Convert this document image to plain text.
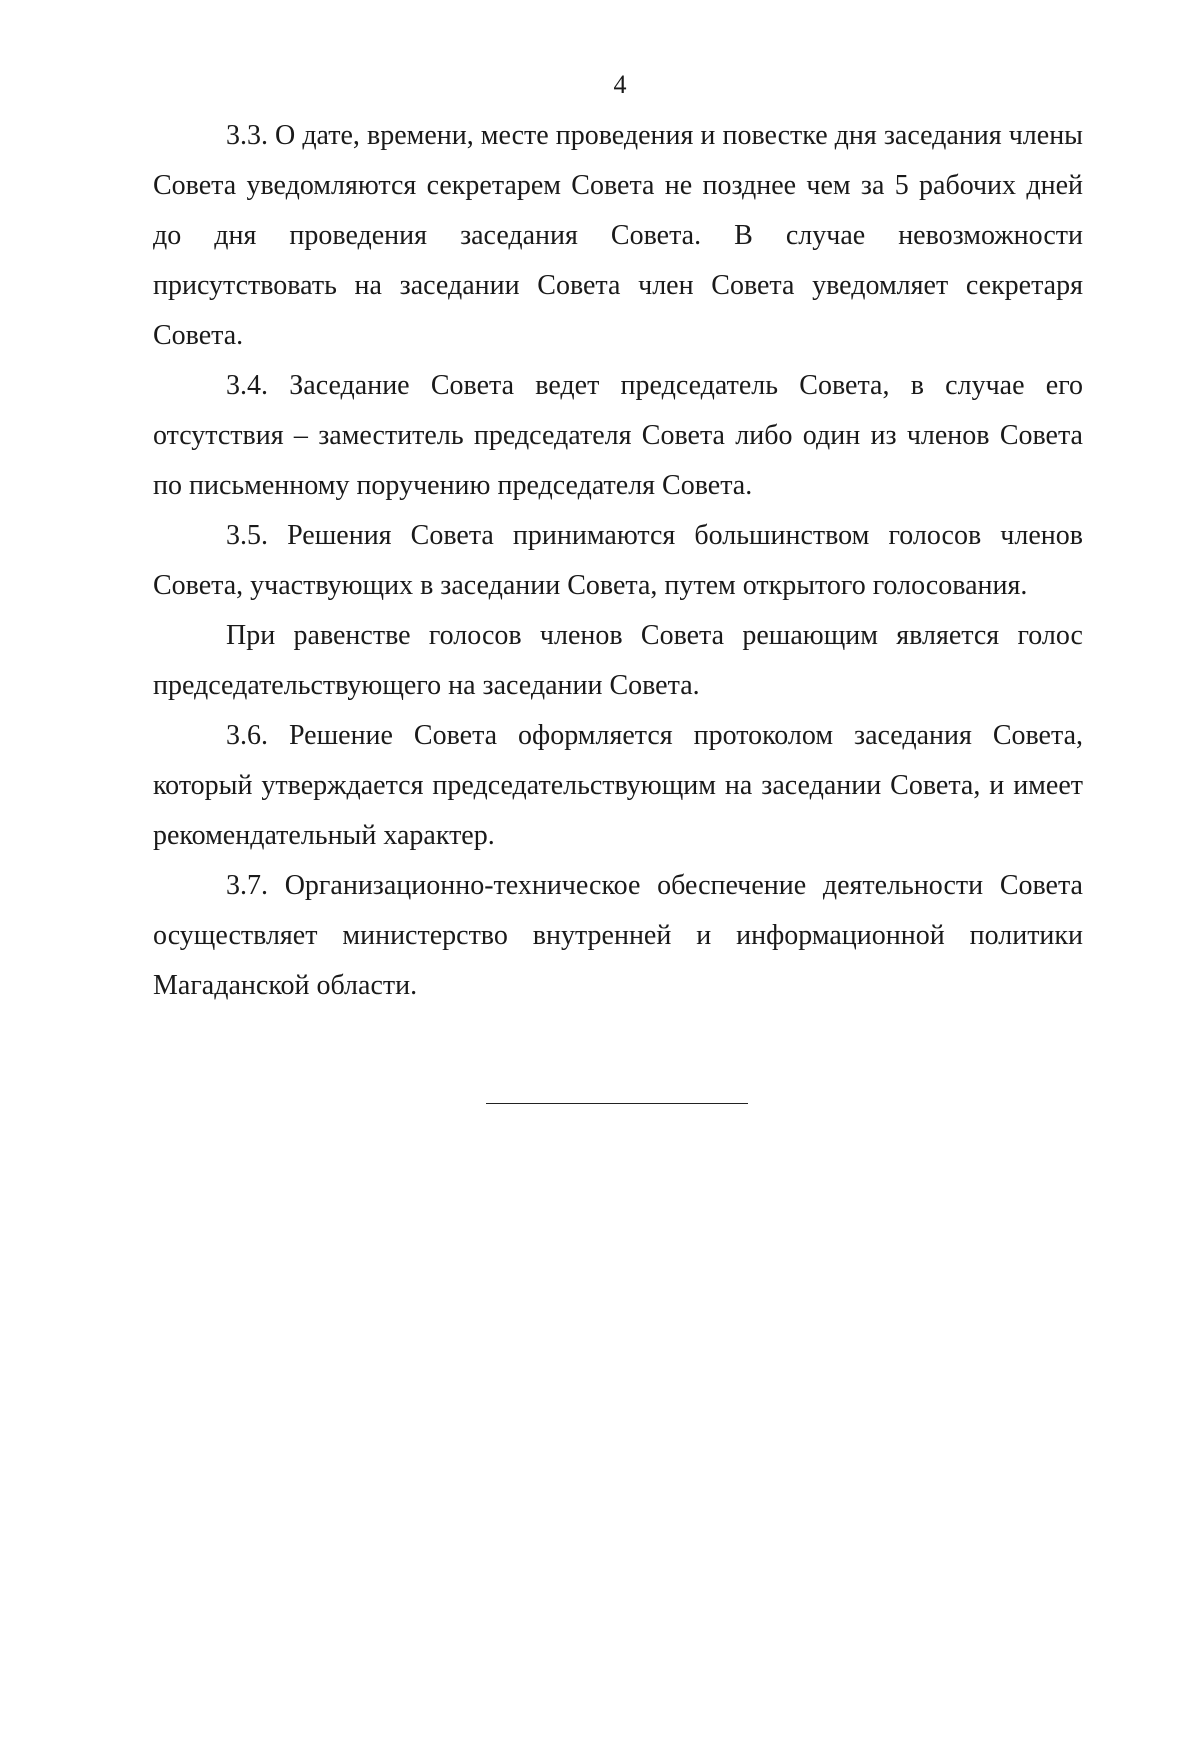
4

3.3. О дате, времени, месте проведения и повестке дня заседания члены Совета уведомляются секретарем Совета не позднее чем за 5 рабочих дней до дня проведения заседания Совета. В случае невозможности присутствовать на заседании Совета член Совета уведомляет секретаря Совета.

3.4. Заседание Совета ведет председатель Совета, в случае его отсутствия – заместитель председателя Совета либо один из членов Совета по письменному поручению председателя Совета.

3.5. Решения Совета принимаются большинством голосов членов Совета, участвующих в заседании Совета, путем открытого голосования.

При равенстве голосов членов Совета решающим является голос председательствующего на заседании Совета.

3.6. Решение Совета оформляется протоколом заседания Совета, который утверждается председательствующим на заседании Совета, и имеет рекомендательный характер.

3.7. Организационно-техническое обеспечение деятельности Совета осуществляет министерство внутренней и информационной политики Магаданской области.
